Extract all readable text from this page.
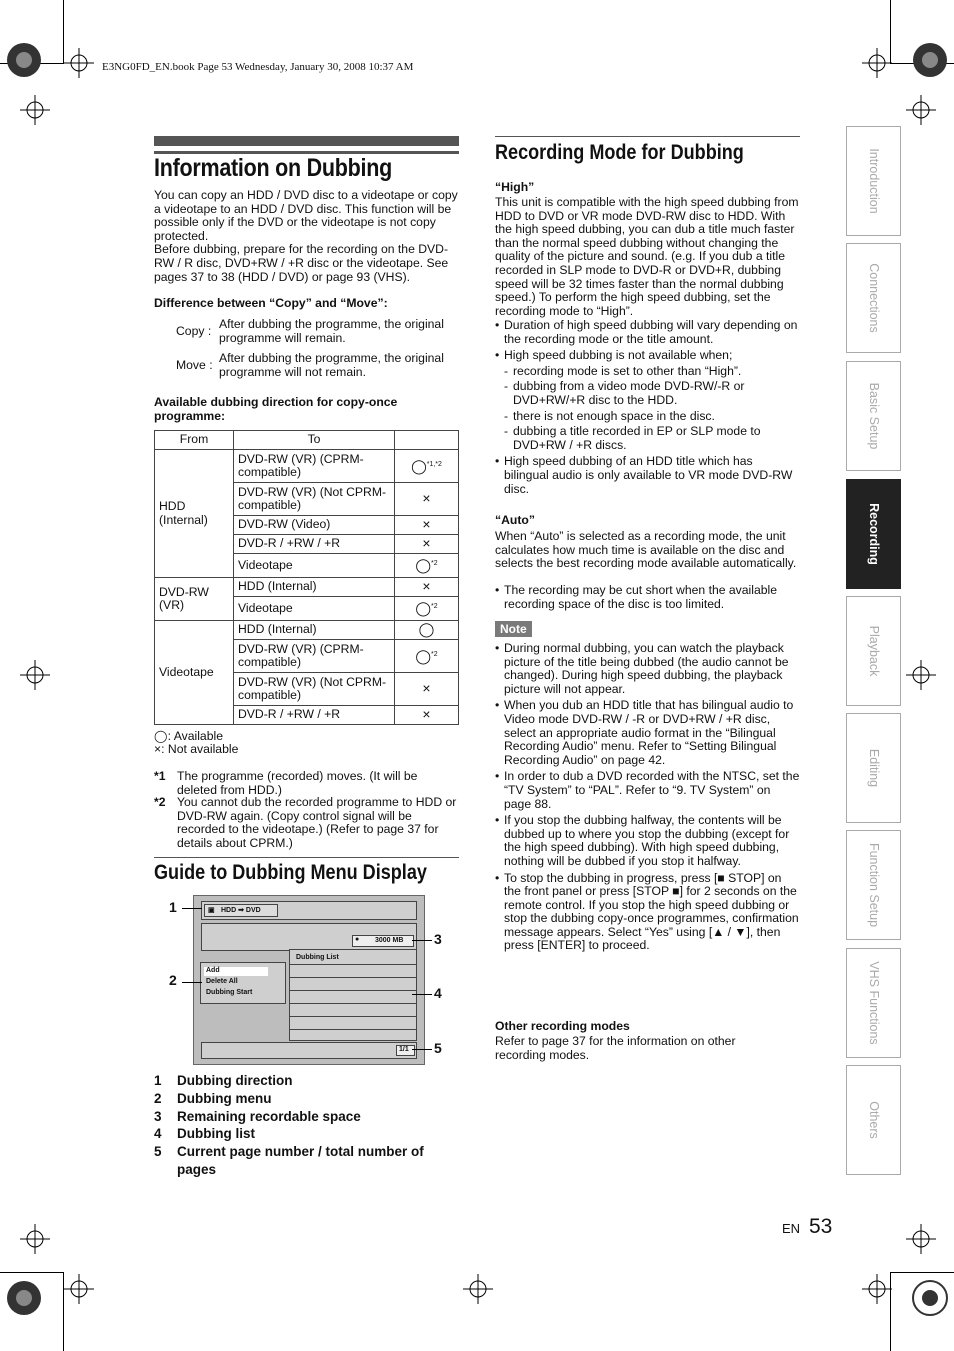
E3NG0FD_EN.book Page 53 Wednesday, January 30, 2008 10:37 AM
Information on Dubbing
You can copy an HDD / DVD disc to a videotape or copy a videotape to an HDD / DVD disc. This function will be possible only if the DVD or the videotape is not copy protected.
Before dubbing, prepare for the recording on the DVD-RW / R disc, DVD+RW / +R disc or the videotape. See pages 37 to 38 (HDD / DVD) or page 93 (VHS).
Difference between “Copy” and “Move”:
Copy : After dubbing the programme, the original programme will remain.
Move : After dubbing the programme, the original programme will not remain.
Available dubbing direction for copy-once programme:
From	To	
HDD (Internal)	DVD-RW (VR) (CPRM-compatible)	◯$^{*1,*2}$
	DVD-RW (VR) (Not CPRM-compatible)	×
	DVD-RW (Video)	×
	DVD-R / +RW / +R	×
	Videotape	◯$^{*2}$
DVD-RW (VR)	HDD (Internal)	×
	Videotape	◯$^{*2}$
Videotape	HDD (Internal)	◯
	DVD-RW (VR) (CPRM-compatible)	◯$^{*2}$
	DVD-RW (VR) (Not CPRM-compatible)	×
	DVD-R / +RW / +R	×
◯: Available
×: Not available
*1 The programme (recorded) moves. (It will be deleted from HDD.)
*2 You cannot dub the recorded programme to HDD or DVD-RW again. (Copy control signal will be recorded to the videotape.) (Refer to page 37 for details about CPRM.)
Guide to Dubbing Menu Display
▣ HDD ➡ DVD
● 3000 MB
Add
Delete All
Dubbing Start
Dubbing List
1/1
1
2
3
4
5
1	Dubbing direction
2	Dubbing menu
3	Remaining recordable space
4	Dubbing list
5	Current page number / total number of pages
Recording Mode for Dubbing
“High”
This unit is compatible with the high speed dubbing from HDD to DVD or VR mode DVD-RW disc to HDD. With the high speed dubbing, you can dub a title much faster than the normal speed dubbing without changing the quality of the picture and sound. (e.g. If you dub a title recorded in SLP mode to DVD-R or DVD+R, dubbing speed will be 32 times faster than the normal dubbing speed.) To perform the high speed dubbing, set the recording mode to “High”.
• Duration of high speed dubbing will vary depending on the recording mode or the title amount.
• High speed dubbing is not available when;
- recording mode is set to other than “High”.
- dubbing from a video mode DVD-RW/-R or DVD+RW/+R disc to the HDD.
- there is not enough space in the disc.
- dubbing a title recorded in EP or SLP mode to DVD+RW / +R discs.
• High speed dubbing of an HDD title which has bilingual audio is only available to VR mode DVD-RW disc.
“Auto”
When “Auto” is selected as a recording mode, the unit calculates how much time is available on the disc and selects the best recording mode available automatically.
• The recording may be cut short when the available recording space of the disc is too limited.
Note
• During normal dubbing, you can watch the playback picture of the title being dubbed (the audio cannot be changed). During high speed dubbing, the playback picture will not appear.
• When you dub an HDD title that has bilingual audio to Video mode DVD-RW / -R or DVD+RW / +R disc, select an appropriate audio format in the “Bilingual Recording Audio” menu. Refer to “Setting Bilingual Recording Audio” on page 42.
• In order to dub a DVD recorded with the NTSC, set the “TV System” to “PAL”. Refer to “9. TV System” on page 88.
• If you stop the dubbing halfway, the contents will be dubbed up to where you stop the dubbing (except for the high speed dubbing). With high speed dubbing, nothing will be dubbed if you stop it halfway.
• To stop the dubbing in progress, press [■ STOP] on the front panel or press [STOP ■] for 2 seconds on the remote control. If you stop the high speed dubbing or stop the dubbing copy-once programmes, confirmation message appears. Select “Yes” using [▲ / ▼], then press [ENTER] to proceed.
Other recording modes
Refer to page 37 for the information on other recording modes.
Introduction
Connections
Basic Setup
Recording
Playback
Editing
Function Setup
VHS Functions
Others
EN 53
